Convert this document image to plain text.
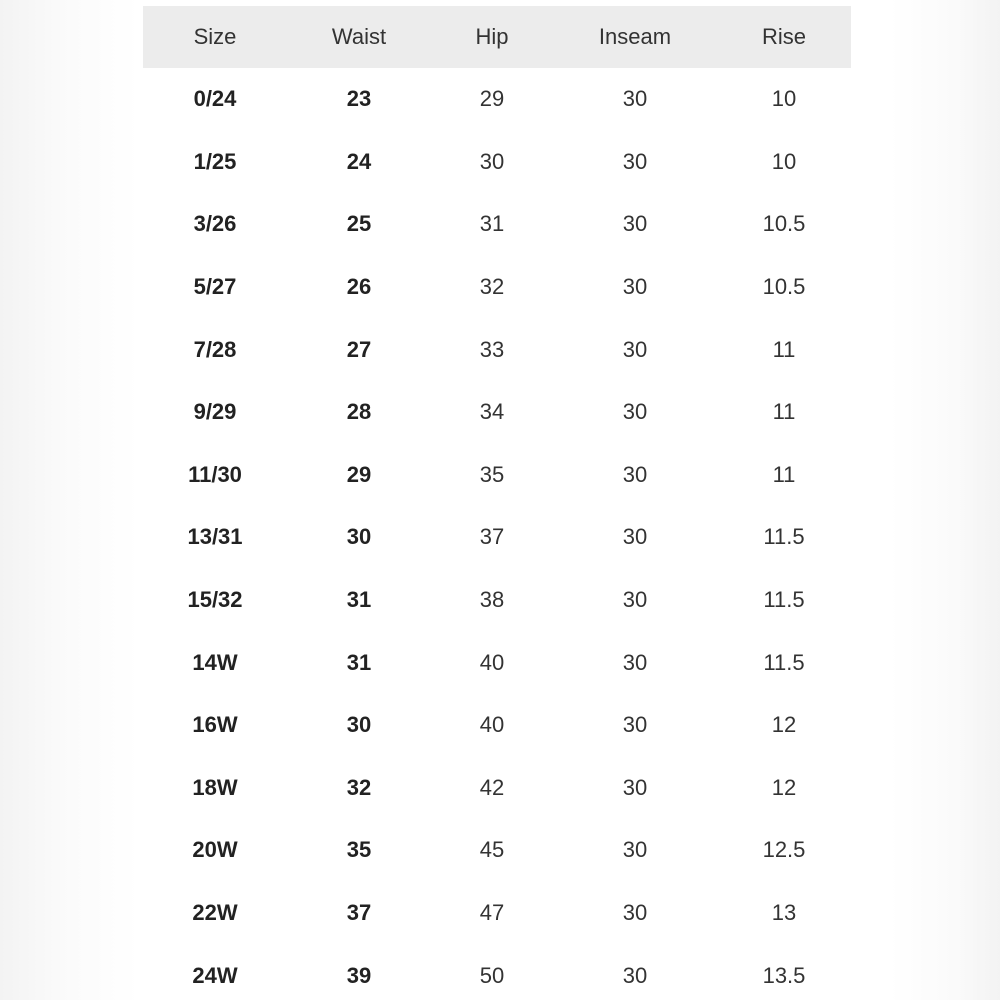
Size	Waist	Hip	Inseam	Rise
0/24	23	29	30	10
1/25	24	30	30	10
3/26	25	31	30	10.5
5/27	26	32	30	10.5
7/28	27	33	30	11
9/29	28	34	30	11
11/30	29	35	30	11
13/31	30	37	30	11.5
15/32	31	38	30	11.5
14W	31	40	30	11.5
16W	30	40	30	12
18W	32	42	30	12
20W	35	45	30	12.5
22W	37	47	30	13
24W	39	50	30	13.5
